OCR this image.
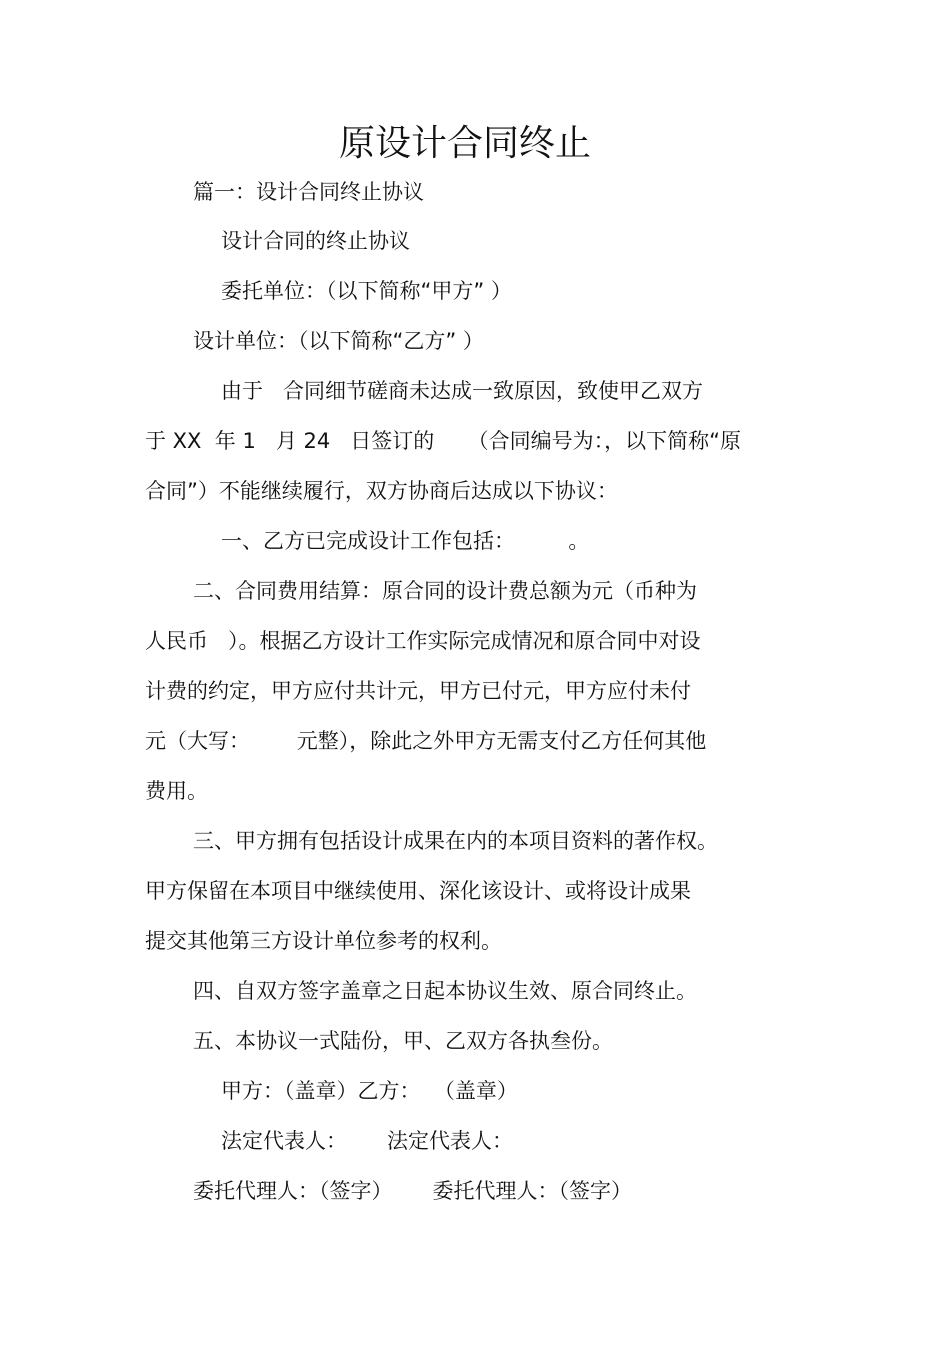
原设计合同终止

篇一：设计合同终止协议

设计合同的终止协议

委托单位：（以下简称“甲方” ）

设计单位：（以下简称“乙方” ）

由于   合同细节磋商未达成一致原因，致使甲乙双方

于 XX  年 1   月 24   日签订的     （合同编号为：，以下简称“原

合同”）不能继续履行，双方协商后达成以下协议：

一、乙方已完成设计工作包括：        。

二、合同费用结算：原合同的设计费总额为元（币种为

人民币   ）。根据乙方设计工作实际完成情况和原合同中对设

计费的约定，甲方应付共计元，甲方已付元，甲方应付未付

元（大写：       元整），除此之外甲方无需支付乙方任何其他

费用。

三、甲方拥有包括设计成果在内的本项目资料的著作权。

甲方保留在本项目中继续使用、深化该设计、或将设计成果

提交其他第三方设计单位参考的权利。

四、自双方签字盖章之日起本协议生效、原合同终止。

五、本协议一式陆份，甲、乙双方各执叁份。

甲方：（盖章）乙方：  （盖章）

法定代表人：      法定代表人：

委托代理人：（签字）      委托代理人：（签字）
